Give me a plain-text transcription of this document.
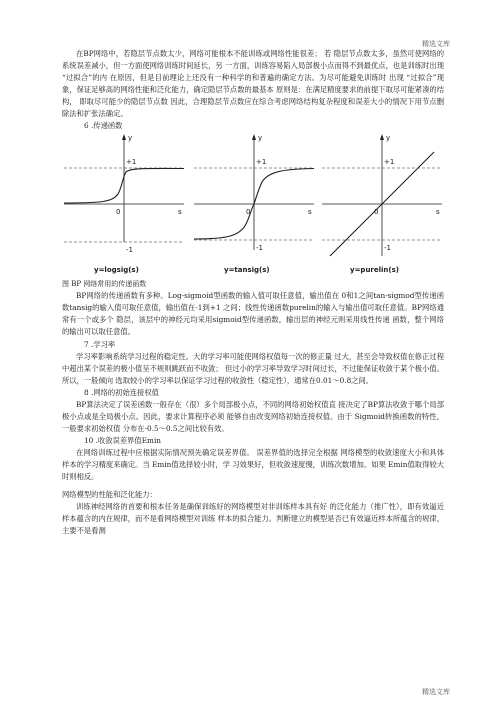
精选文库

在BP网络中，若隐层节点数太少，网络可能根本不能训练或网络性能很差； 若 隐层节点数太多，虽然可使网络的系统误差减小，但一方面使网络训练时间延长，另 一方面，训练容易陷入局部极小点而得不到最优点，也是训练时出现 “过拟合”的内 在原因，但是目前理论上还没有一种科学的和普遍的确定方法。为尽可能避免训练时 出现 “过拟合”现象，保证足够高的网络性能和泛化能力，确定隐层节点数的最基本 原则是：在满足精度要求的前提下取尽可能紧凑的结构， 即取尽可能少的隐层节点数 因此，合理隐层节点数应在综合考虑网络结构复杂程度和误差大小的情况下用节点删 除法和扩张法确定。

6 .传递函数

y
+1
0	s
-1
y=logsig(s)
y
+1
0	s
-1
y=tansig(s)
y
+1
0	s
-1
y=purelin(s)

图 BP 网络常用的传递函数

BP网络的传递函数有多种。Log-sigmoid型函数的输入值可取任意值，输出值在 0和1之间tan-sigmod型传递函数tansig的输入值可取任意值，输出值在-1到+1 之间；线性传递函数purelin的输入与输出值可取任意值。BP网络通常有一个或多个 隐层，该层中的神经元均采用sigmoid型传递函数，输出层的神经元则采用线性传递 函数，整个网络的输出可以取任意值。

7 .学习率

学习率影响系统学习过程的稳定性。大的学习率可能使网络权值每一次的修正量 过大，甚至会导致权值在修正过程中超出某个误差的极小值呈不规则跳跃而不收敛； 但过小的学习率导致学习时间过长，不过能保证收敛于某个极小值。所以，一般倾向 选取较小的学习率以保证学习过程的收敛性（稳定性），通常在0.01～0.8之间。

8 .网络的初始连接权值

BP算法决定了误差函数一般存在（很）多个局部极小点，不同的网络初始权值直 接决定了BP算法收敛于哪个局部极小点或是全局极小点。因此，要求计算程序必须 能够自由改变网络初始连接权值。由于 Sigmoid转换函数的特性，一般要求初始权值 分布在-0.5～0.5之间比较有效。

10 .收敛误差界值Emin

在网络训练过程中应根据实际情况预先确定误差界值。 误差界值的选择完全根据 网络模型的收敛速度大小和具体样本的学习精度来确定。当 Emin值选择较小时，学 习效果好，但收敛速度慢，训练次数增加。如果 Emin值取得较大时则相反。

网络模型的性能和泛化能力：

训练神经网络的首要和根本任务是确保训练好的网络模型对非训练样本具有好 的泛化能力（推广性），即有效逼近样本蕴含的内在规律，而不是看网络模型对训练 样本的拟合能力。判断建立的模型是否已有效逼近样本所蕴含的规律，主要不是看测

精选文库
